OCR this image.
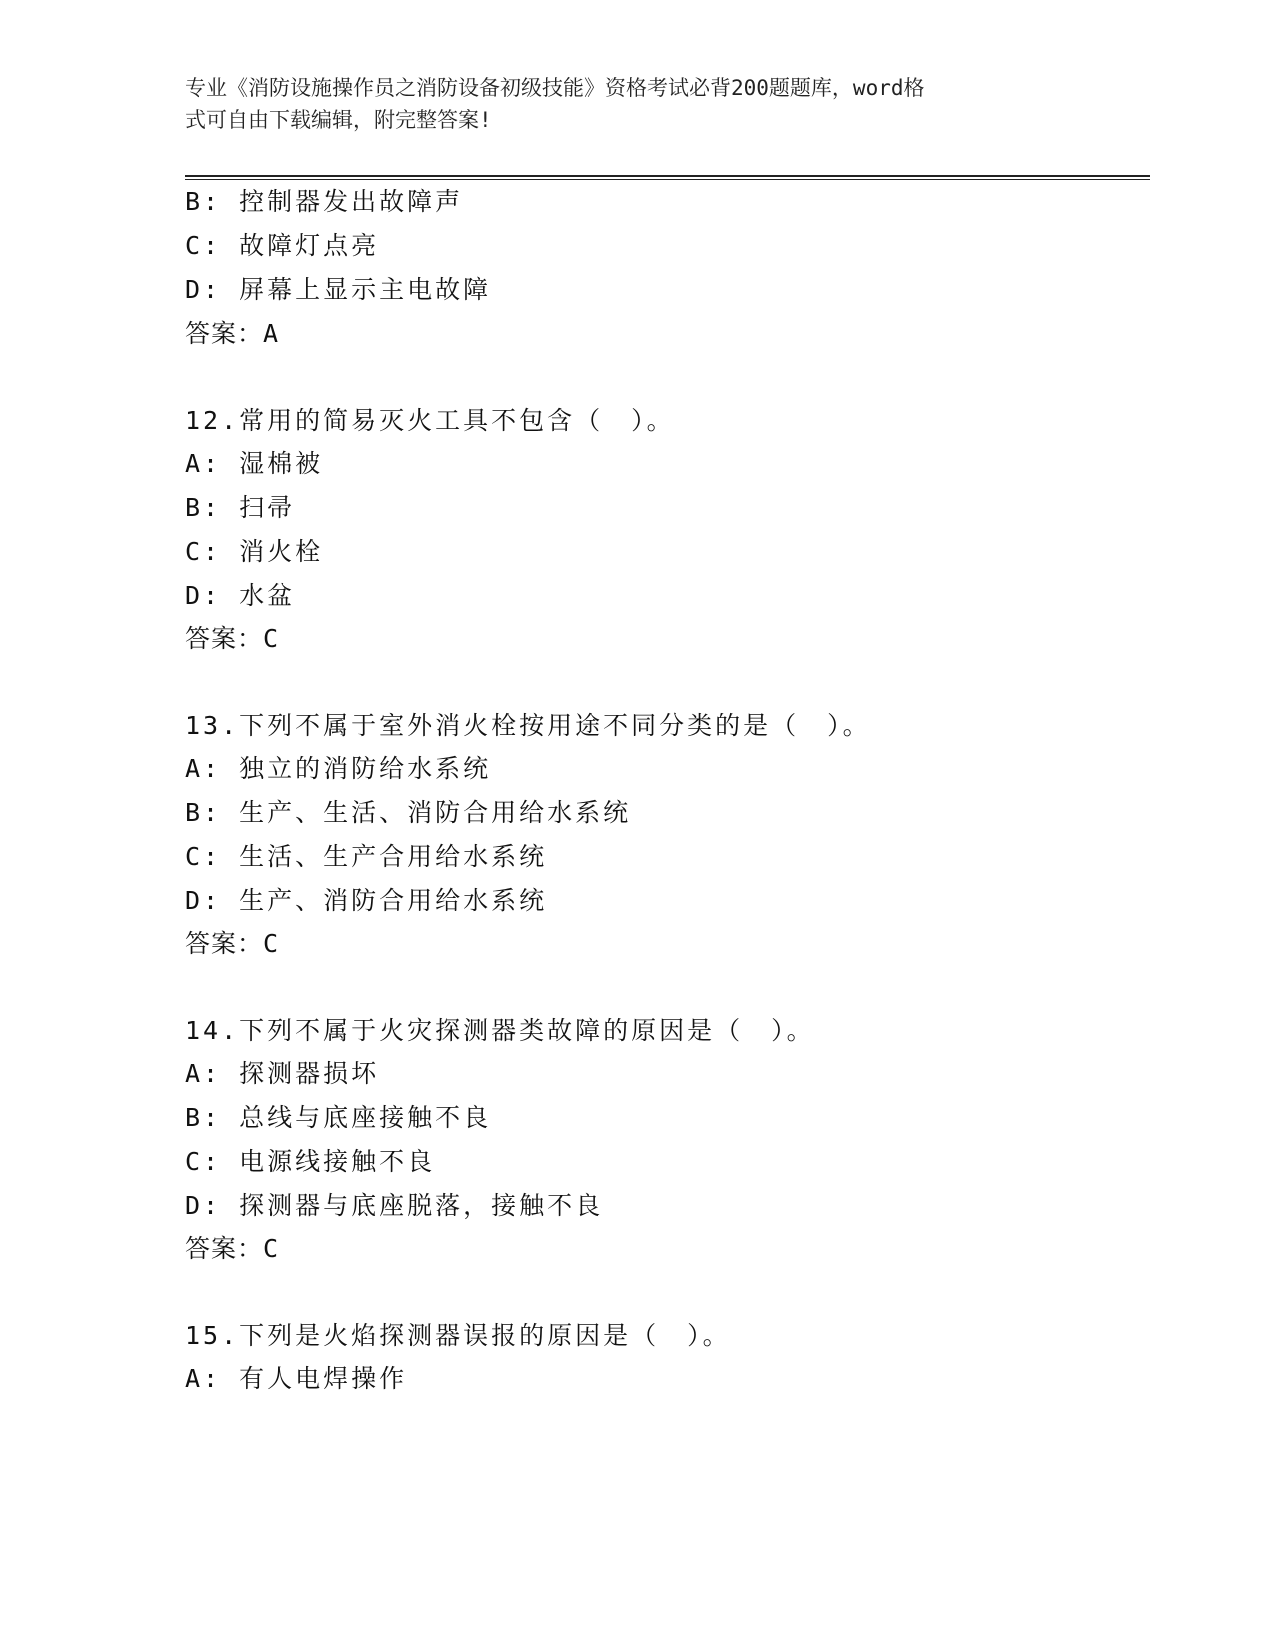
专业《消防设施操作员之消防设备初级技能》资格考试必背200题题库，word格
式可自由下载编辑，附完整答案!
B: 控制器发出故障声
C: 故障灯点亮
D: 屏幕上显示主电故障
答案：A
12.常用的简易灭火工具不包含（　）。
A: 湿棉被
B: 扫帚
C: 消火栓
D: 水盆
答案：C
13.下列不属于室外消火栓按用途不同分类的是（　）。
A: 独立的消防给水系统
B: 生产、生活、消防合用给水系统
C: 生活、生产合用给水系统
D: 生产、消防合用给水系统
答案：C
14.下列不属于火灾探测器类故障的原因是（　）。
A: 探测器损坏
B: 总线与底座接触不良
C: 电源线接触不良
D: 探测器与底座脱落，接触不良
答案：C
15.下列是火焰探测器误报的原因是（　）。
A: 有人电焊操作
